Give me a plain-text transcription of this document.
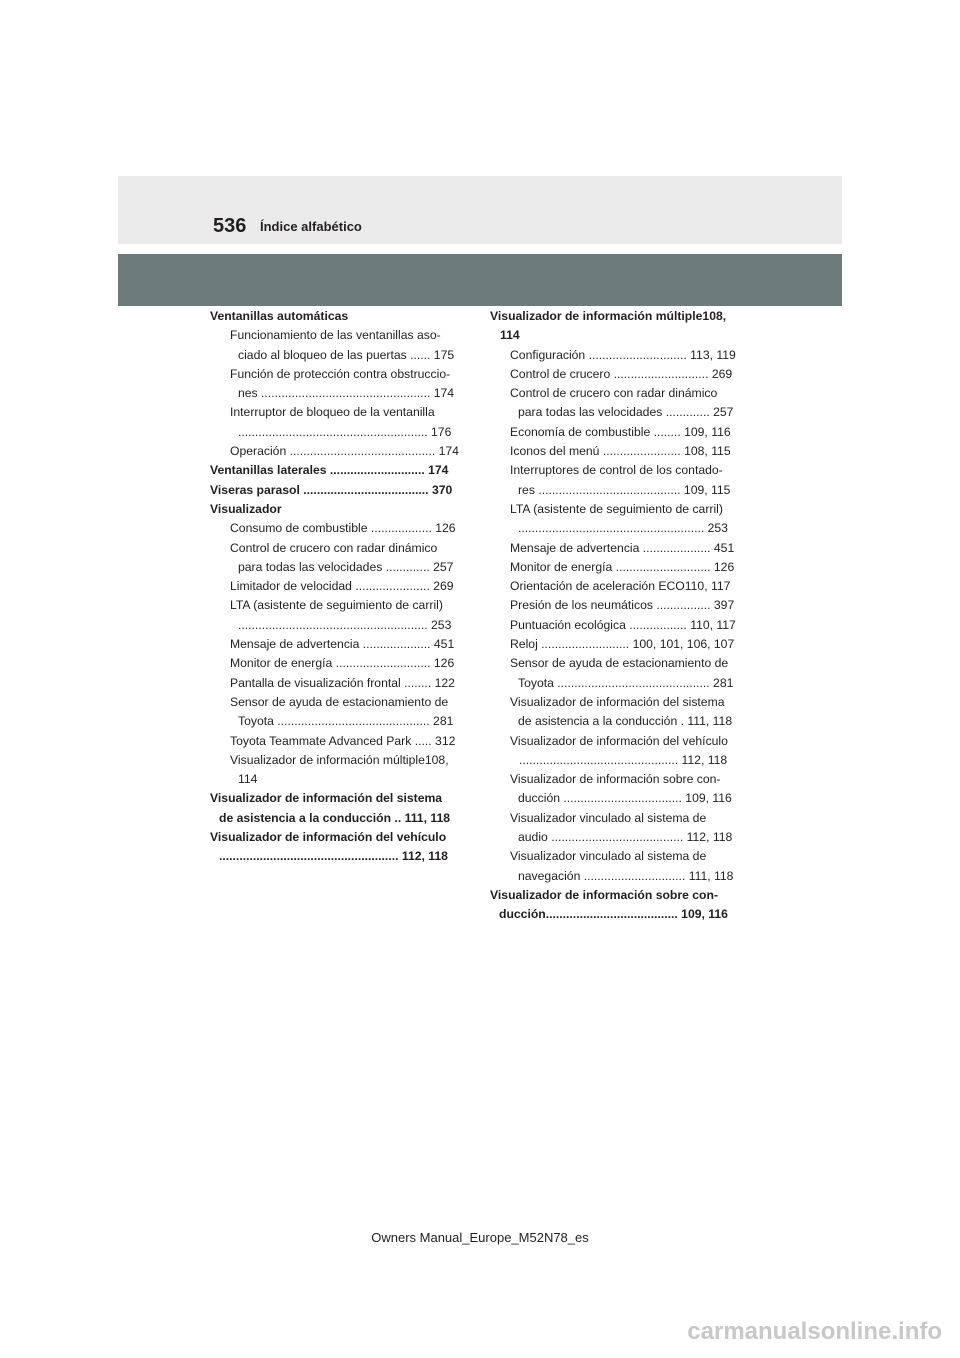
536 Índice alfabético
Ventanillas automáticas
Funcionamiento de las ventanillas aso-
ciado al bloqueo de las puertas ...... 175
Función de protección contra obstruccio-
nes .................................................. 174
Interruptor de bloqueo de la ventanilla
........................................................ 176
Operación ........................................... 174
Ventanillas laterales ............................ 174
Viseras parasol ..................................... 370
Visualizador
Consumo de combustible .................. 126
Control de crucero con radar dinámico
para todas las velocidades ............. 257
Limitador de velocidad ...................... 269
LTA (asistente de seguimiento de carril)
........................................................ 253
Mensaje de advertencia .................... 451
Monitor de energía ............................ 126
Pantalla de visualización frontal ........ 122
Sensor de ayuda de estacionamiento de
Toyota ............................................. 281
Toyota Teammate Advanced Park ..... 312
Visualizador de información múltiple108,
114
Visualizador de información del sistema
de asistencia a la conducción .. 111, 118
Visualizador de información del vehículo
..................................................... 112, 118
Visualizador de información múltiple108,
114
Configuración ............................. 113, 119
Control de crucero ............................ 269
Control de crucero con radar dinámico
para todas las velocidades ............. 257
Economía de combustible ........ 109, 116
Iconos del menú ....................... 108, 115
Interruptores de control de los contado-
res .......................................... 109, 115
LTA (asistente de seguimiento de carril)
....................................................... 253
Mensaje de advertencia .................... 451
Monitor de energía ............................ 126
Orientación de aceleración ECO110, 117
Presión de los neumáticos ................ 397
Puntuación ecológica ................. 110, 117
Reloj .......................... 100, 101, 106, 107
Sensor de ayuda de estacionamiento de
Toyota ............................................. 281
Visualizador de información del sistema
de asistencia a la conducción . 111, 118
Visualizador de información del vehículo
............................................... 112, 118
Visualizador de información sobre con-
ducción ................................... 109, 116
Visualizador vinculado al sistema de
audio ....................................... 112, 118
Visualizador vinculado al sistema de
navegación .............................. 111, 118
Visualizador de información sobre con-
ducción....................................... 109, 116
Owners Manual_Europe_M52N78_es
carmanualsonline.info
